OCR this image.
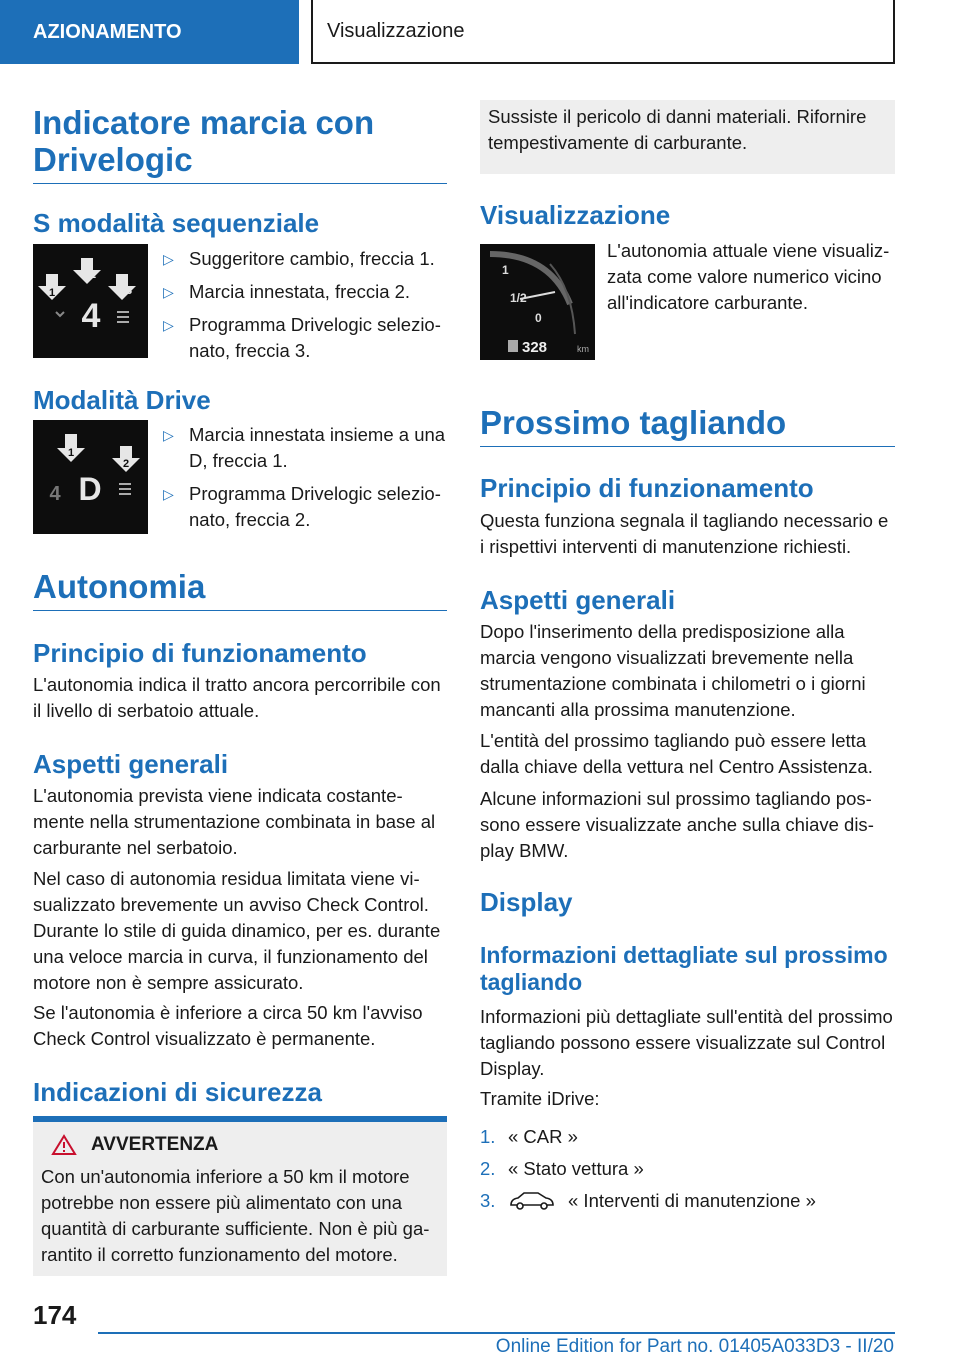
AZIONAMENTO	Visualizzazione
Indicatore marcia con Drivelogic
S modalità sequenziale
1
2
3
4
▷ Suggeritore cambio, freccia 1.
▷ Marcia innestata, freccia 2.
▷ Programma Drivelogic selezionato, freccia 3.
Modalità Drive
1
2
4 D
▷ Marcia innestata insieme a una D, freccia 1.
▷ Programma Drivelogic selezionato, freccia 2.
Autonomia
Principio di funzionamento

L'autonomia indica il tratto ancora percorribile con il livello di serbatoio attuale.

Aspetti generali

L'autonomia prevista viene indicata costantemente nella strumentazione combinata in base al carburante nel serbatoio.

Nel caso di autonomia residua limitata viene visualizzato brevemente un avviso Check Control. Durante lo stile di guida dinamico, per es. durante una veloce marcia in curva, il funzionamento del motore non è sempre assicurato.

Se l'autonomia è inferiore a circa 50 km l'avviso Check Control visualizzato è permanente.

Indicazioni di sicurezza
AVVERTENZA

Con un'autonomia inferiore a 50 km il motore potrebbe non essere più alimentato con una quantità di carburante sufficiente. Non è più garantito il corretto funzionamento del motore.

Sussiste il pericolo di danni materiali. Rifornire tempestivamente di carburante.

Visualizzazione
1
1/2
0
328	km

L'autonomia attuale viene visualizzata come valore numerico vicino all'indicatore carburante.

Prossimo tagliando
Principio di funzionamento

Questa funziona segnala il tagliando necessario e i rispettivi interventi di manutenzione richiesti.

Aspetti generali

Dopo l'inserimento della predisposizione alla marcia vengono visualizzati brevemente nella strumentazione combinata i chilometri o i giorni mancanti alla prossima manutenzione.

L'entità del prossimo tagliando può essere letta dalla chiave della vettura nel Centro Assistenza.

Alcune informazioni sul prossimo tagliando possono essere visualizzate anche sulla chiave display BMW.

Display
Informazioni dettagliate sul prossimo tagliando

Informazioni più dettagliate sull'entità del prossimo tagliando possono essere visualizzate sul Control Display.

Tramite iDrive:

1. « CAR »
2. « Stato vettura »
3.	« Interventi di manutenzione »
174
Online Edition for Part no. 01405A033D3 - II/20
